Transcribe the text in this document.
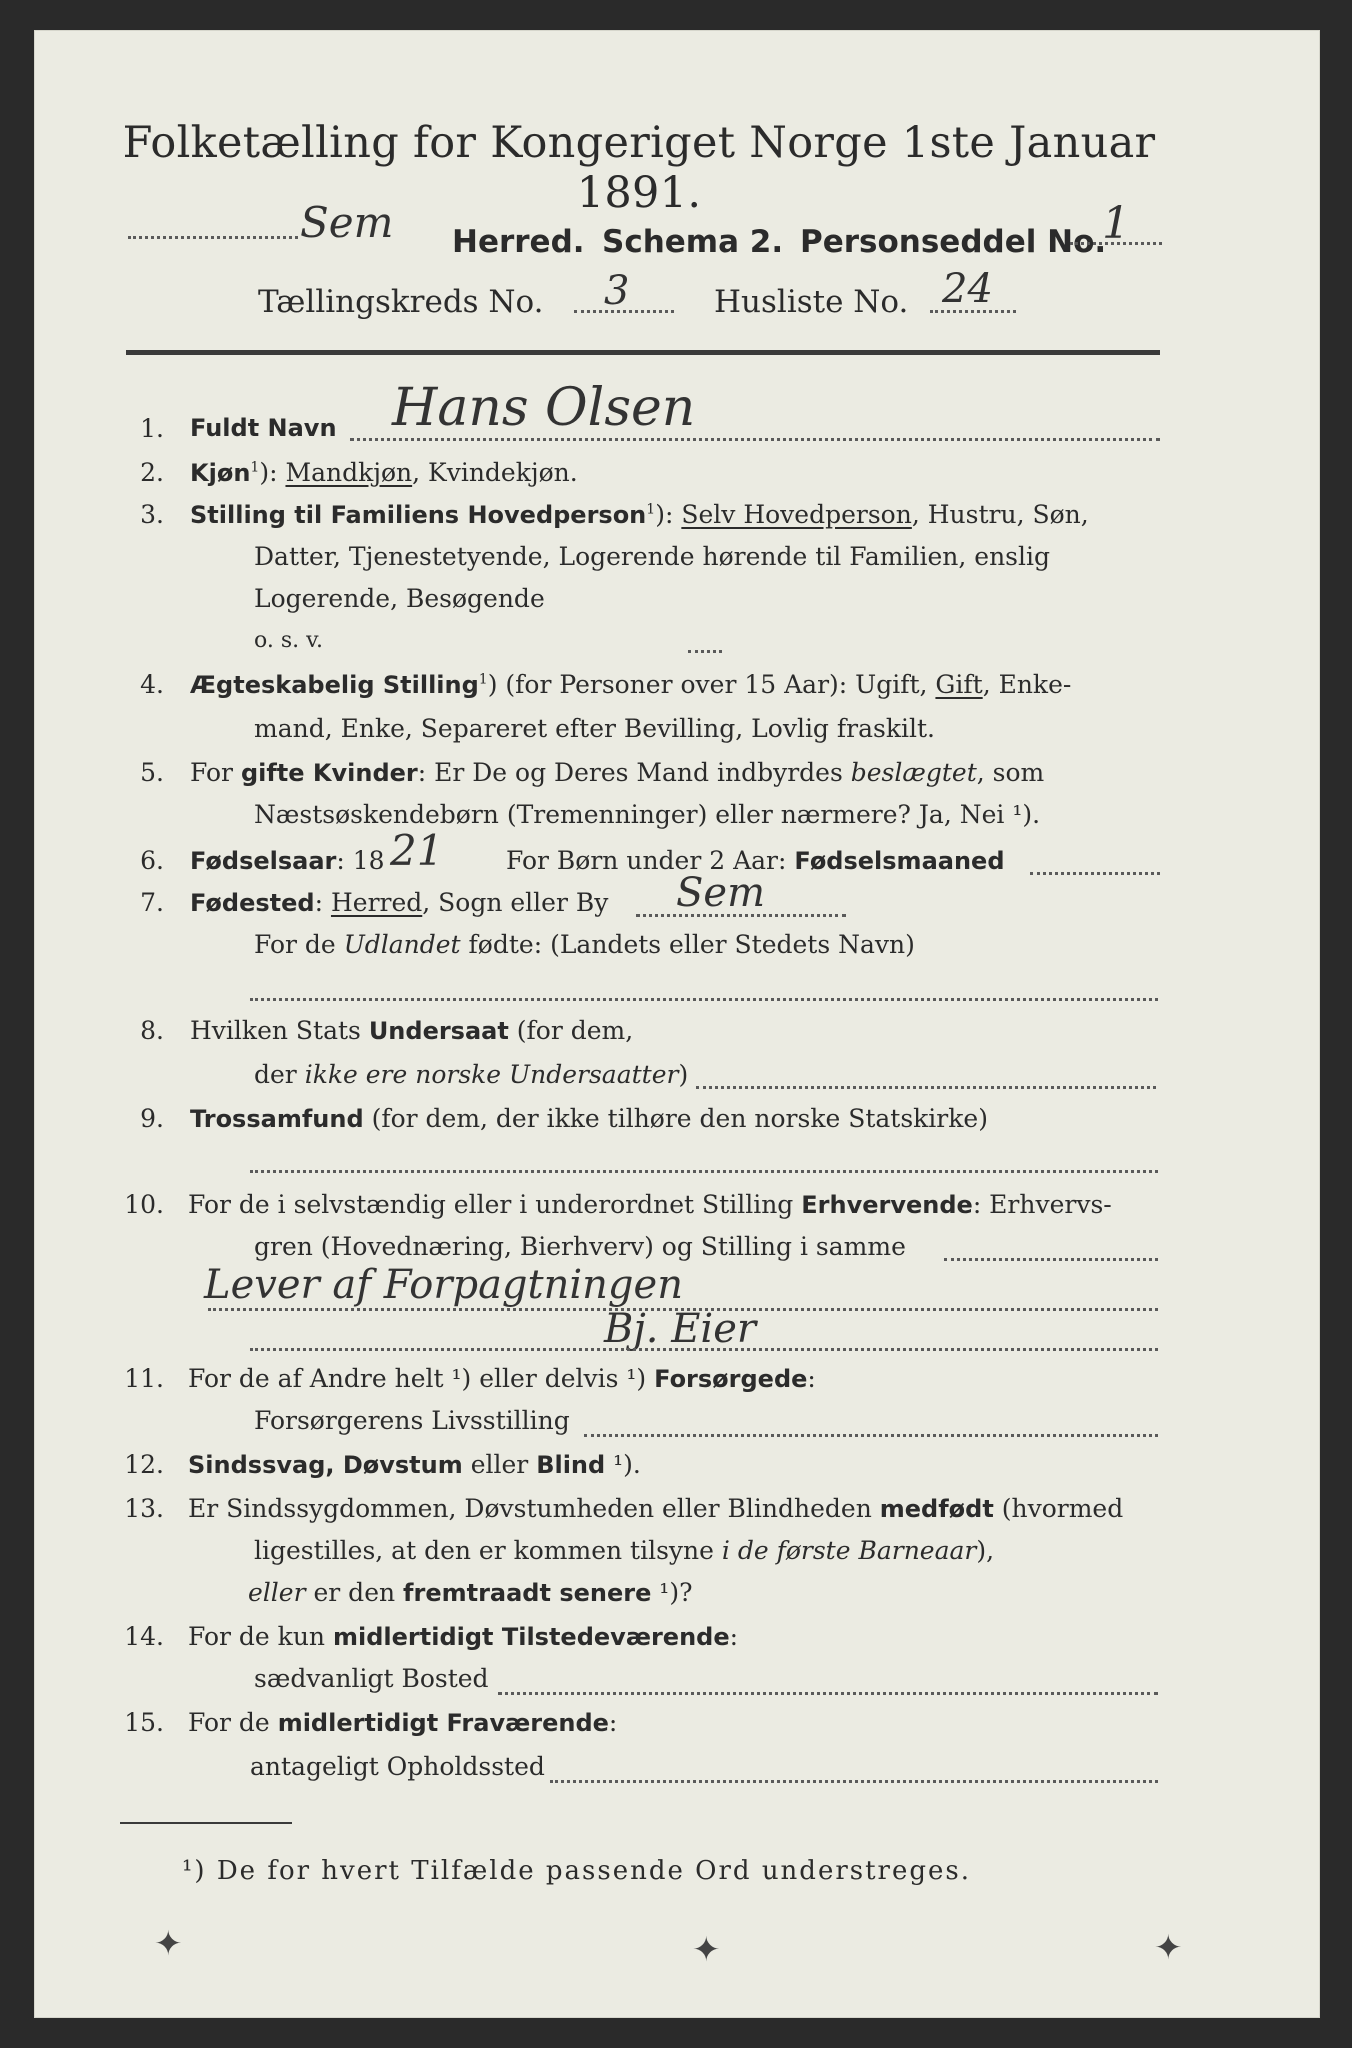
Folketælling for Kongeriget Norge 1ste Januar 1891.
Sem Herred. Schema 2. Personseddel No.
1
Tællingskreds No. 3	Husliste No. 24
1. Fuldt Navn Hans Olsen
2. Kjøn$^1$): Mandkjøn, Kvindekjøn.
3. Stilling til Familiens Hovedperson$^1$): Selv Hovedperson, Hustru, Søn,
Datter, Tjenestetyende, Logerende hørende til Familien, enslig
Logerende, Besøgende
o. s. v.
4. Ægteskabelig Stilling$^1$) (for Personer over 15 Aar): Ugift, Gift, Enke-
mand, Enke, Separeret efter Bevilling, Lovlig fraskilt.
5. For gifte Kvinder: Er De og Deres Mand indbyrdes beslægtet, som
Næstsøskendebørn (Tremenninger) eller nærmere? Ja, Nei ¹).
6. Fødselsaar: 18 21	For Børn under 2 Aar: Fødselsmaaned
7. Fødested: Herred, Sogn eller By Sem
For de Udlandet fødte: (Landets eller Stedets Navn)
8. Hvilken Stats Undersaat (for dem,
der ikke ere norske Undersaatter)
9. Trossamfund (for dem, der ikke tilhøre den norske Statskirke)
10. For de i selvstændig eller i underordnet Stilling Erhvervende: Erhvervs-
gren (Hovednæring, Bierhverv) og Stilling i samme
Lever af Forpagtningen
Bj. Eier
11. For de af Andre helt ¹) eller delvis ¹) Forsørgede:
Forsørgerens Livsstilling
12. Sindssvag, Døvstum eller Blind ¹).
13. Er Sindssygdommen, Døvstumheden eller Blindheden medfødt (hvormed
ligestilles, at den er kommen tilsyne i de første Barneaar),
eller er den fremtraadt senere ¹)?
14. For de kun midlertidigt Tilstedeværende:
sædvanligt Bosted
15. For de midlertidigt Fraværende:
antageligt Opholdssted
¹) De for hvert Tilfælde passende Ord understreges.
✦	✦	✦
